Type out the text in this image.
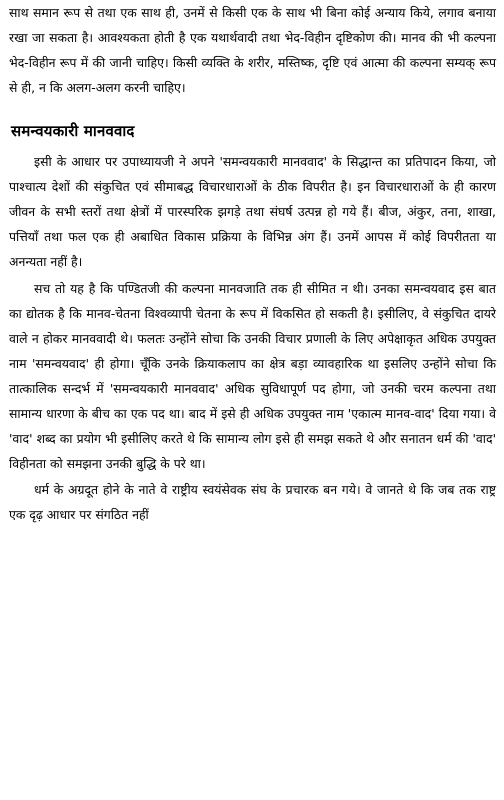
साथ समान रूप से तथा एक साथ ही, उनमें से किसी एक के साथ भी बिना कोई अन्याय किये, लगाव बनाया रखा जा सकता है। आवश्यकता होती है एक यथार्थवादी तथा भेद-विहीन दृष्टिकोण की। मानव की भी कल्पना भेद-विहीन रूप में की जानी चाहिए। किसी व्यक्ति के शरीर, मस्तिष्क, दृष्टि एवं आत्मा की कल्पना सम्यक् रूप से ही, न कि अलग-अलग करनी चाहिए।

समन्वयकारी मानववाद

इसी के आधार पर उपाध्यायजी ने अपने 'समन्वयकारी मानववाद' के सिद्धान्त का प्रतिपादन किया, जो पाश्चात्य देशों की संकुचित एवं सीमाबद्ध विचारधाराओं के ठीक विपरीत है। इन विचारधाराओं के ही कारण जीवन के सभी स्तरों तथा क्षेत्रों में पारस्परिक झगड़े तथा संघर्ष उत्पन्न हो गये हैं। बीज, अंकुर, तना, शाखा, पत्तियाँ तथा फल एक ही अबाधित विकास प्रक्रिया के विभिन्न अंग हैं। उनमें आपस में कोई विपरीतता या अनन्यता नहीं है।

सच तो यह है कि पण्डितजी की कल्पना मानवजाति तक ही सीमित न थी। उनका समन्वयवाद इस बात का द्योतक है कि मानव-चेतना विश्वव्यापी चेतना के रूप में विकसित हो सकती है। इसीलिए, वे संकुचित दायरे वाले न होकर मानववादी थे। फलतः उन्होंने सोचा कि उनकी विचार प्रणाली के लिए अपेक्षाकृत अधिक उपयुक्त नाम 'समन्वयवाद' ही होगा। चूँकि उनके क्रियाकलाप का क्षेत्र बड़ा व्यावहारिक था इसलिए उन्होंने सोचा कि तात्कालिक सन्दर्भ में 'समन्वयकारी मानववाद' अधिक सुविधापूर्ण पद होगा, जो उनकी चरम कल्पना तथा सामान्य धारणा के बीच का एक पद था। बाद में इसे ही अधिक उपयुक्त नाम 'एकात्म मानव-वाद' दिया गया। वे 'वाद' शब्द का प्रयोग भी इसीलिए करते थे कि सामान्य लोग इसे ही समझ सकते थे और सनातन धर्म की 'वाद' विहीनता को समझना उनकी बुद्धि के परे था।

धर्म के अग्रदूत होने के नाते वे राष्ट्रीय स्वयंसेवक संघ के प्रचारक बन गये। वे जानते थे कि जब तक राष्ट्र एक दृढ़ आधार पर संगठित नहीं
